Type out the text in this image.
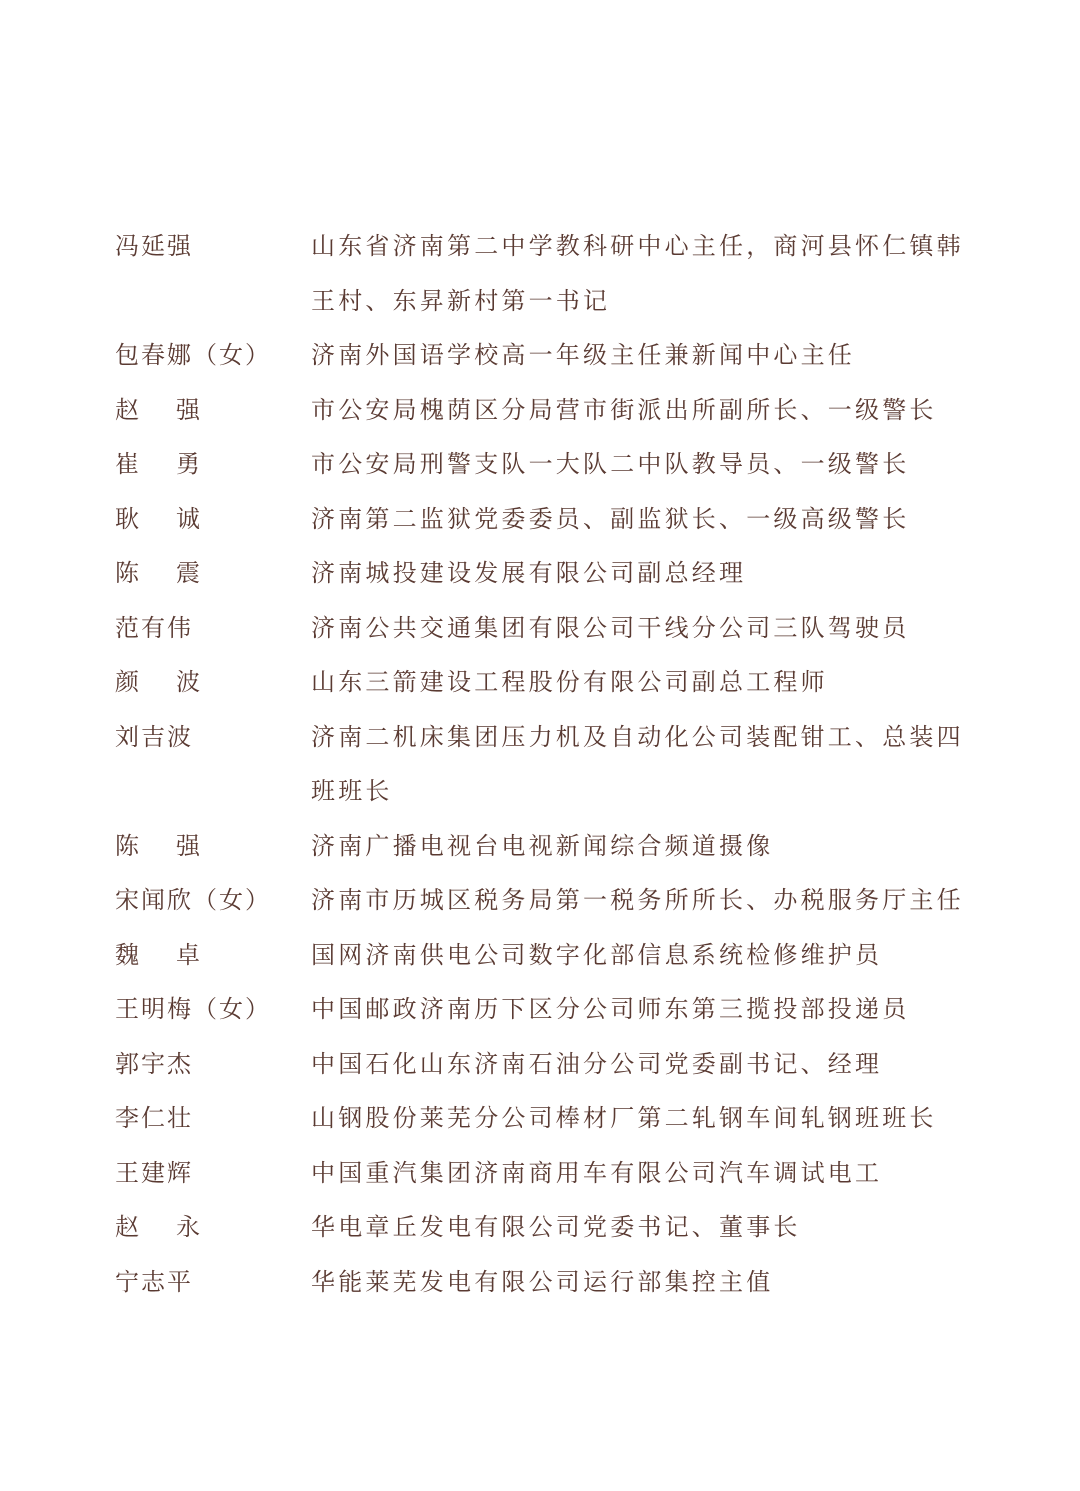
冯延强	山东省济南第二中学教科研中心主任，商河县怀仁镇韩王村、东昇新村第一书记
包春娜（女）	济南外国语学校高一年级主任兼新闻中心主任
赵强	市公安局槐荫区分局营市街派出所副所长、一级警长
崔勇	市公安局刑警支队一大队二中队教导员、一级警长
耿诚	济南第二监狱党委委员、副监狱长、一级高级警长
陈震	济南城投建设发展有限公司副总经理
范有伟	济南公共交通集团有限公司干线分公司三队驾驶员
颜波	山东三箭建设工程股份有限公司副总工程师
刘吉波	济南二机床集团压力机及自动化公司装配钳工、总装四班班长
陈强	济南广播电视台电视新闻综合频道摄像
宋闻欣（女）	济南市历城区税务局第一税务所所长、办税服务厅主任
魏卓	国网济南供电公司数字化部信息系统检修维护员
王明梅（女）	中国邮政济南历下区分公司师东第三揽投部投递员
郭宇杰	中国石化山东济南石油分公司党委副书记、经理
李仁壮	山钢股份莱芜分公司棒材厂第二轧钢车间轧钢班班长
王建辉	中国重汽集团济南商用车有限公司汽车调试电工
赵永	华电章丘发电有限公司党委书记、董事长
宁志平	华能莱芜发电有限公司运行部集控主值
